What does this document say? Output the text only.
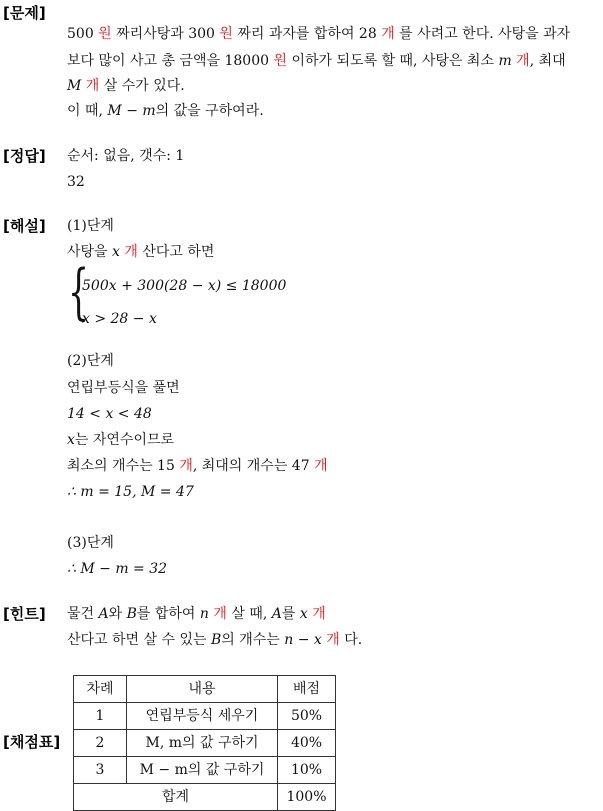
[문제]
500 원 짜리사탕과 300 원 짜리 과자를 합하여 28 개 를 사려고 한다. 사탕을 과자
보다 많이 사고 총 금액을 18000 원 이하가 되도록 할 때, 사탕은 최소 m 개, 최대
M 개 살 수가 있다.
이 때, M − m의 값을 구하여라.
[정답] 순서: 없음, 갯수: 1
32
[해설] (1)단계
사탕을 x 개 산다고 하면
{
500x + 300(28 − x) ≤ 18000
x > 28 − x
(2)단계
연립부등식을 풀면
14 < x < 48
x는 자연수이므로
최소의 개수는 15 개, 최대의 개수는 47 개
∴ m = 15, M = 47
(3)단계
∴ M − m = 32
[힌트] 물건 A와 B를 합하여 n 개 살 때, A를 x 개
산다고 하면 살 수 있는 B의 개수는 n − x 개 다.
[채점표]
차례	내용	배점
1	연립부등식 세우기	50%
2	M, m의 값 구하기	40%
3	M − m의 값 구하기	10%
합계		100%
